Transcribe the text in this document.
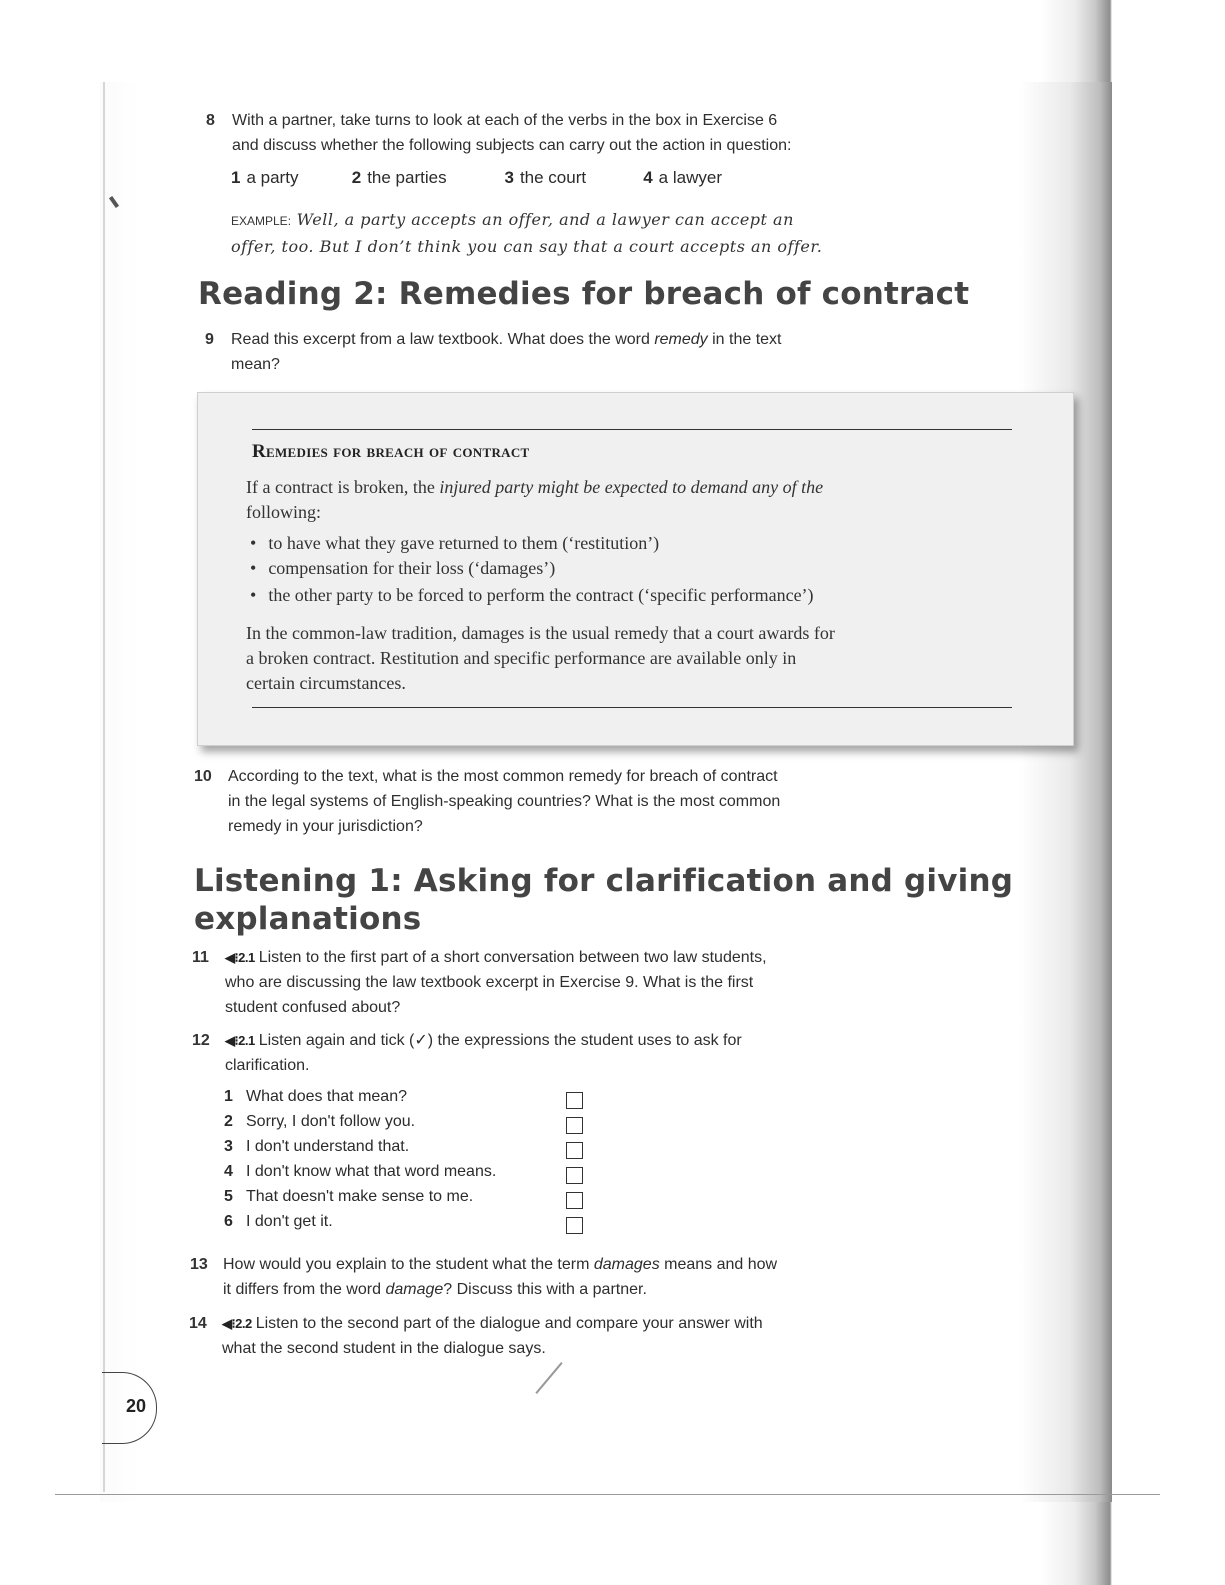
8 With a partner, take turns to look at each of the verbs in the box in Exercise 6
and discuss whether the following subjects can carry out the action in question:
1 a party	2 the parties	3 the court	4 a lawyer
EXAMPLE: Well, a party accepts an offer, and a lawyer can accept an
offer, too. But I don’t think you can say that a court accepts an offer.
Reading 2: Remedies for breach of contract
9 Read this excerpt from a law textbook. What does the word remedy in the text
mean?
Remedies for breach of contract
If a contract is broken, the injured party might be expected to demand any of the
following:
• to have what they gave returned to them (‘restitution’)
• compensation for their loss (‘damages’)
• the other party to be forced to perform the contract (‘specific performance’)
In the common-law tradition, damages is the usual remedy that a court awards for
a broken contract. Restitution and specific performance are available only in
certain circumstances.
10 According to the text, what is the most common remedy for breach of contract
in the legal systems of English-speaking countries? What is the most common
remedy in your jurisdiction?
Listening 1: Asking for clarification and giving
explanations
11 ◀⁝2.1 Listen to the first part of a short conversation between two law students,
who are discussing the law textbook excerpt in Exercise 9. What is the first
student confused about?
12 ◀⁝2.1 Listen again and tick (✓) the expressions the student uses to ask for
clarification.
1 What does that mean?
2 Sorry, I don't follow you.
3 I don't understand that.
4 I don't know what that word means.
5 That doesn't make sense to me.
6 I don't get it.
13 How would you explain to the student what the term damages means and how
it differs from the word damage? Discuss this with a partner.
14 ◀⁝2.2 Listen to the second part of the dialogue and compare your answer with
what the second student in the dialogue says.
20
